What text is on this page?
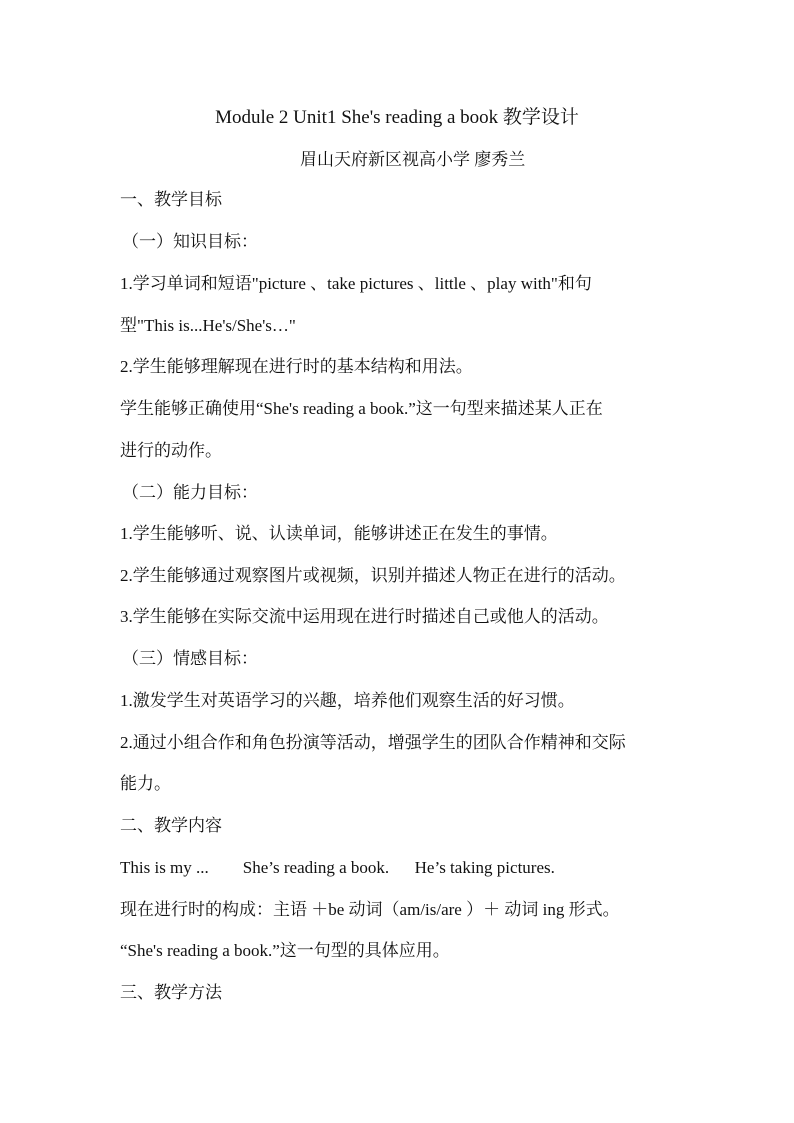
Module 2 Unit1 She's reading a book 教学设计
眉山天府新区视高小学 廖秀兰
一、教学目标
（一）知识目标：
1.学习单词和短语"picture 、take pictures 、little 、play with"和句
型"This is...He's/She's…"
2.学生能够理解现在进行时的基本结构和用法。
学生能够正确使用“She's reading a book.”这一句型来描述某人正在
进行的动作。
（二）能力目标：
1.学生能够听、说、认读单词，能够讲述正在发生的事情。
2.学生能够通过观察图片或视频，识别并描述人物正在进行的活动。
3.学生能够在实际交流中运用现在进行时描述自己或他人的活动。
（三）情感目标：
1.激发学生对英语学习的兴趣，培养他们观察生活的好习惯。
2.通过小组合作和角色扮演等活动，增强学生的团队合作精神和交际
能力。
二、教学内容
This is my ...        She’s reading a book.      He’s taking pictures.
现在进行时的构成：主语 ＋be 动词（am/is/are ）＋ 动词 ing 形式。
“She's reading a book.”这一句型的具体应用。
三、教学方法
